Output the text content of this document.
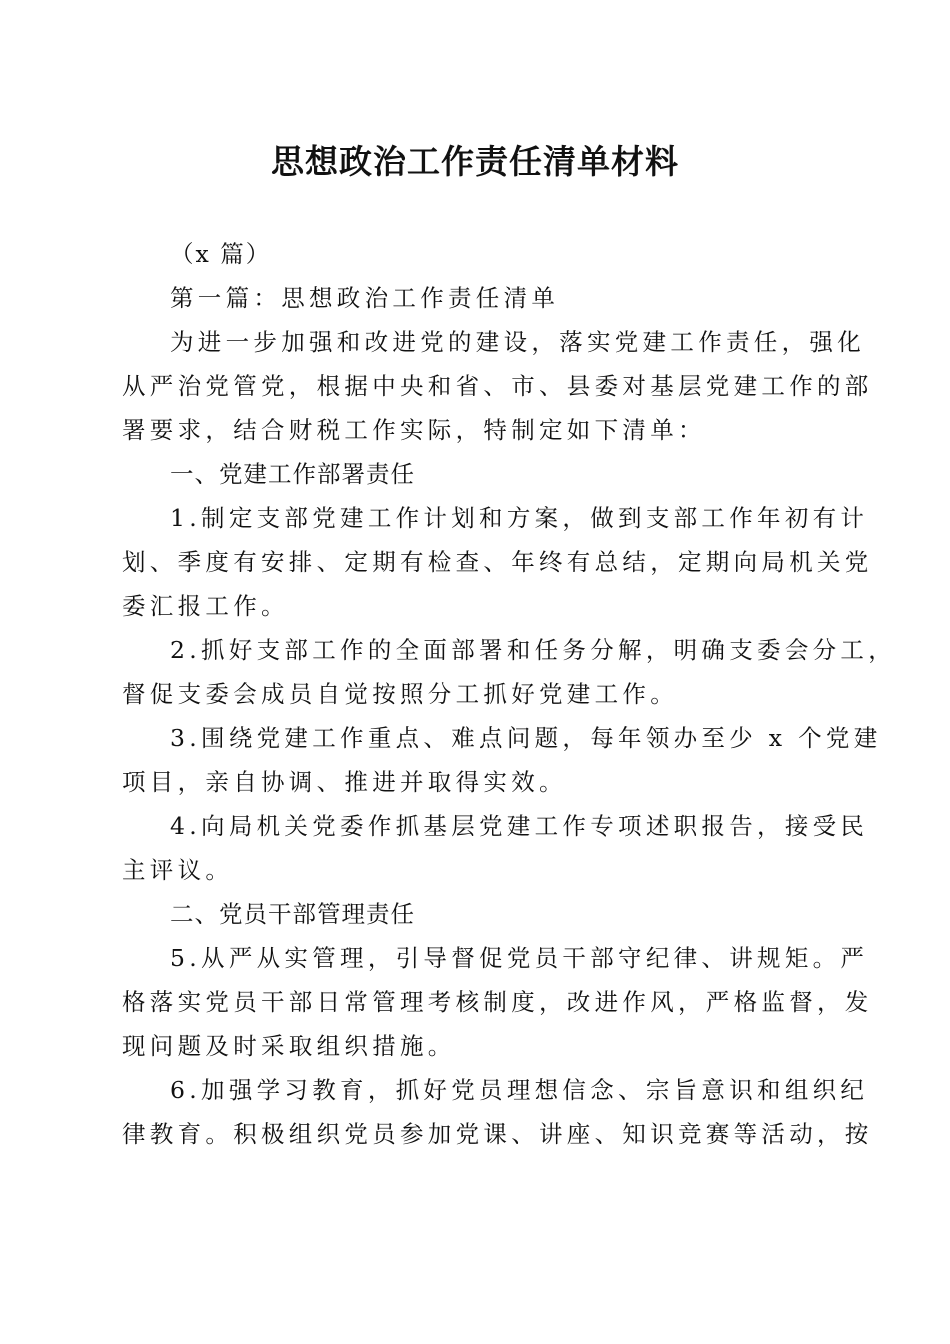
思想政治工作责任清单材料
（x 篇）
第一篇：思想政治工作责任清单
为进一步加强和改进党的建设，落实党建工作责任，强化
从严治党管党，根据中央和省、市、县委对基层党建工作的部
署要求，结合财税工作实际，特制定如下清单：
一、党建工作部署责任
1.制定支部党建工作计划和方案，做到支部工作年初有计
划、季度有安排、定期有检查、年终有总结，定期向局机关党
委汇报工作。
2.抓好支部工作的全面部署和任务分解，明确支委会分工，
督促支委会成员自觉按照分工抓好党建工作。
3.围绕党建工作重点、难点问题，每年领办至少 x 个党建
项目，亲自协调、推进并取得实效。
4.向局机关党委作抓基层党建工作专项述职报告，接受民
主评议。
二、党员干部管理责任
5.从严从实管理，引导督促党员干部守纪律、讲规矩。严
格落实党员干部日常管理考核制度，改进作风，严格监督，发
现问题及时采取组织措施。
6.加强学习教育，抓好党员理想信念、宗旨意识和组织纪
律教育。积极组织党员参加党课、讲座、知识竞赛等活动，按
